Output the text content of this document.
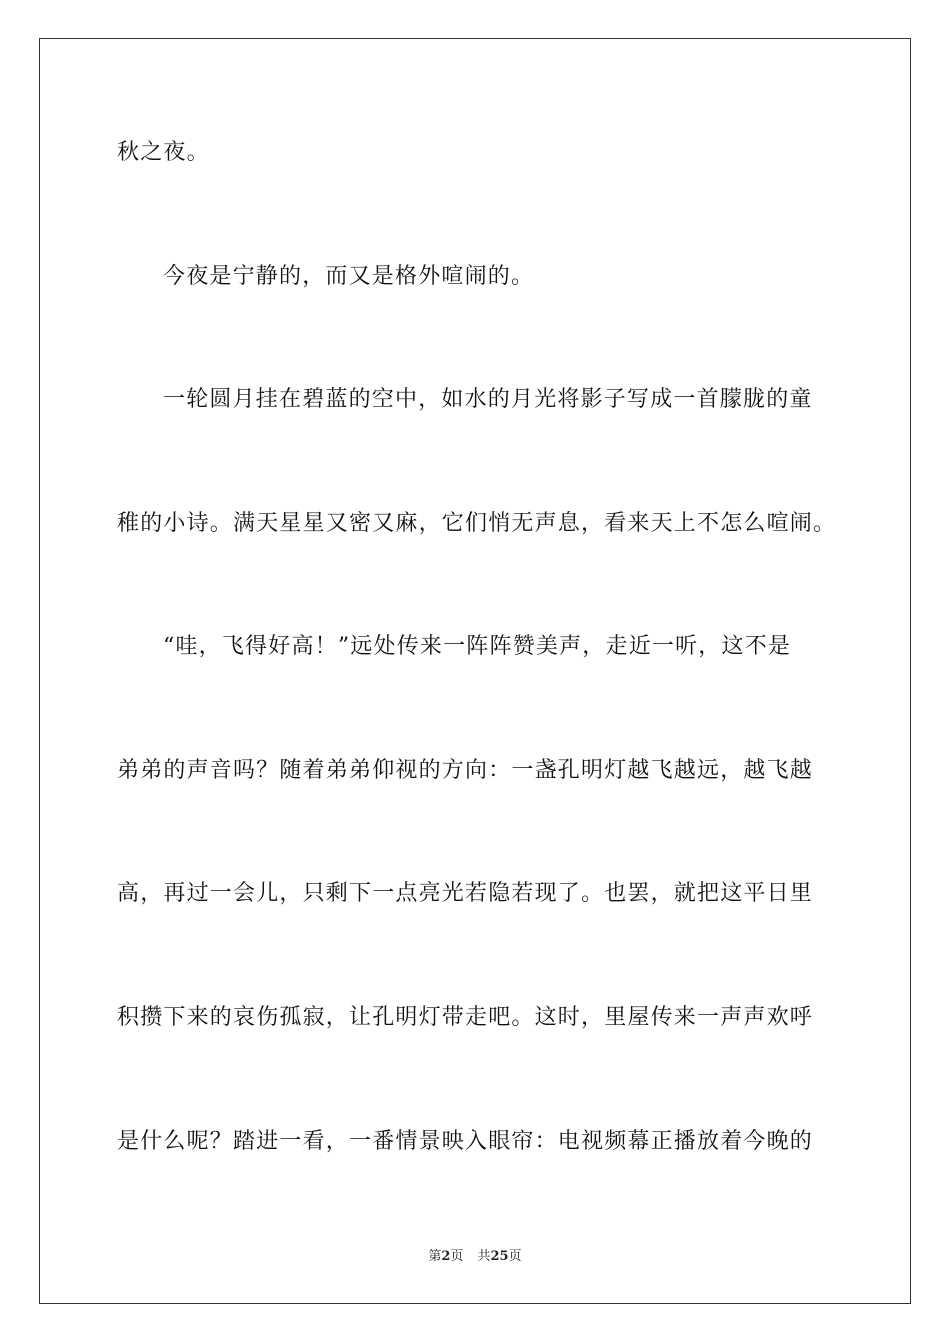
秋之夜。
今夜是宁静的，而又是格外喧闹的。
一轮圆月挂在碧蓝的空中，如水的月光将影子写成一首朦胧的童
稚的小诗。满天星星又密又麻，它们悄无声息，看来天上不怎么喧闹。
“哇，飞得好高！”远处传来一阵阵赞美声，走近一听，这不是
弟弟的声音吗？随着弟弟仰视的方向：一盏孔明灯越飞越远，越飞越
高，再过一会儿，只剩下一点亮光若隐若现了。也罢，就把这平日里
积攒下来的哀伤孤寂，让孔明灯带走吧。这时，里屋传来一声声欢呼
是什么呢？踏进一看，一番情景映入眼帘：电视频幕正播放着今晚的
第2页 共25页
